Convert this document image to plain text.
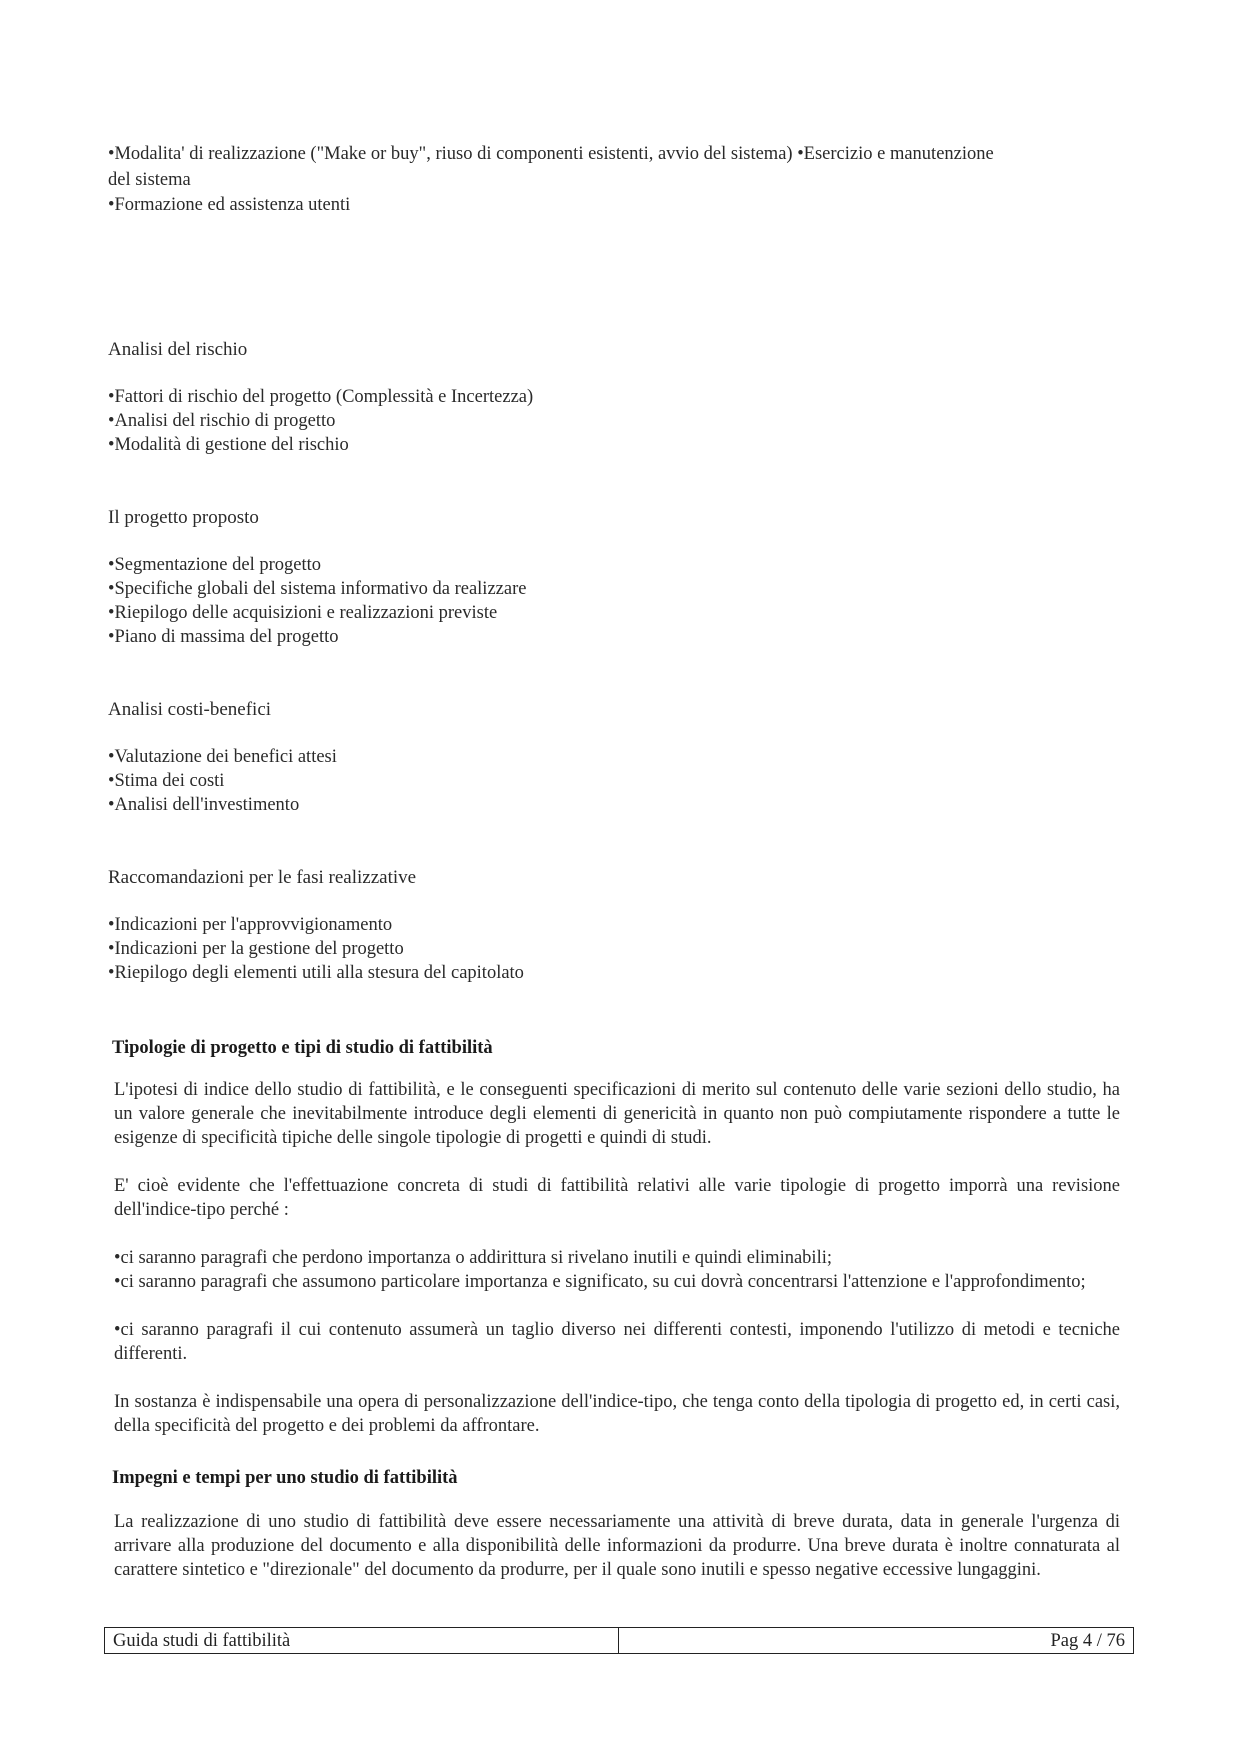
•Modalita' di realizzazione ("Make or buy", riuso di componenti esistenti, avvio del sistema) •Esercizio e manutenzione
del sistema
•Formazione ed assistenza utenti
Analisi del rischio
•Fattori di rischio del progetto (Complessità e Incertezza)
•Analisi del rischio di progetto
•Modalità di gestione del rischio
Il progetto proposto
•Segmentazione del progetto
•Specifiche globali del sistema informativo da realizzare
•Riepilogo delle acquisizioni e realizzazioni previste
•Piano di massima del progetto
Analisi costi-benefici
•Valutazione dei benefici attesi
•Stima dei costi
•Analisi dell'investimento
Raccomandazioni per le fasi realizzative
•Indicazioni per l'approvvigionamento
•Indicazioni per la gestione del progetto
•Riepilogo degli elementi utili alla stesura del capitolato
Tipologie di progetto e tipi di studio di fattibilità
L'ipotesi di indice dello studio di fattibilità, e le conseguenti specificazioni di merito sul contenuto delle varie sezioni dello studio, ha un valore generale che inevitabilmente introduce degli elementi di genericità in quanto non può compiutamente rispondere a tutte le esigenze di specificità tipiche delle singole tipologie di progetti e quindi di studi.
E' cioè evidente che l'effettuazione concreta di studi di fattibilità relativi alle varie tipologie di progetto imporrà una revisione dell'indice-tipo perché :
•ci saranno paragrafi che perdono importanza o addirittura si rivelano inutili e quindi eliminabili;
•ci saranno paragrafi che assumono particolare importanza e significato, su cui dovrà concentrarsi l'attenzione e l'approfondimento;
•ci saranno paragrafi il cui contenuto assumerà un taglio diverso nei differenti contesti, imponendo l'utilizzo di metodi e tecniche differenti.
In sostanza è indispensabile una opera di personalizzazione dell'indice-tipo, che tenga conto della tipologia di progetto ed, in certi casi, della specificità del progetto e dei problemi da affrontare.
Impegni e tempi per uno studio di fattibilità
La realizzazione di uno studio di fattibilità deve essere necessariamente una attività di breve durata, data in generale l'urgenza di arrivare alla produzione del documento e alla disponibilità delle informazioni da produrre. Una breve durata è inoltre connaturata al carattere sintetico e "direzionale" del documento da produrre, per il quale sono inutili e spesso negative eccessive lungaggini.
Guida studi di fattibilità	Pag 4 / 76
